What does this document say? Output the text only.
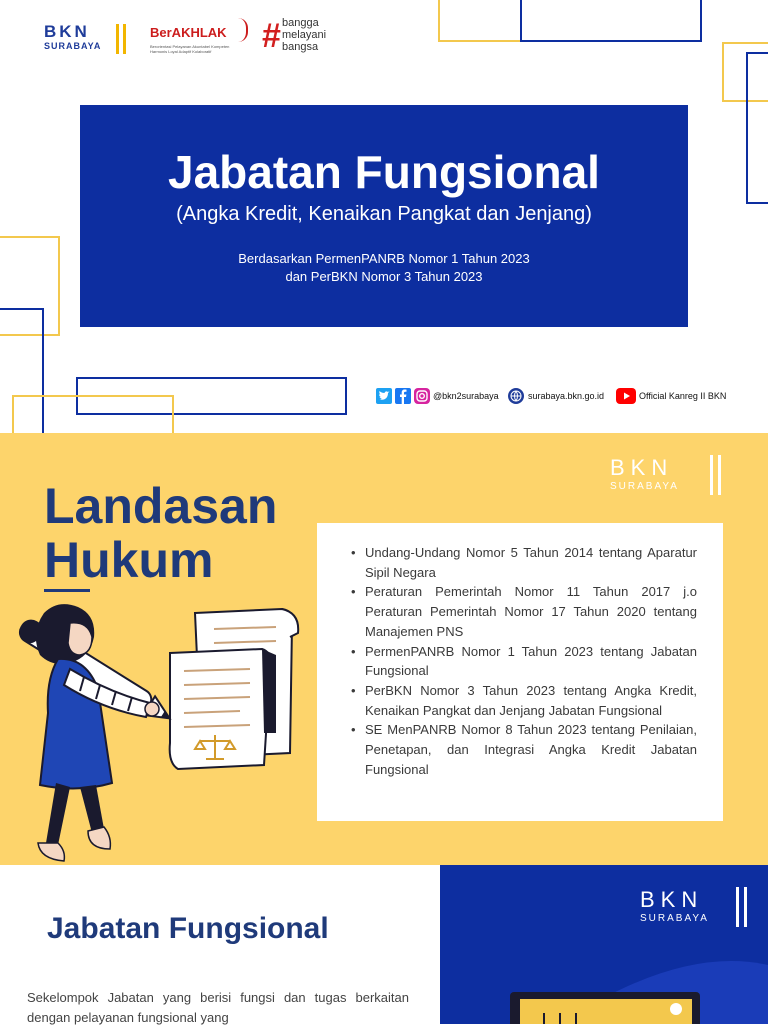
BKN
SURABAYA
BerAKHLAK
Berorientasi Pelayanan Akuntabel Kompeten Harmonis Loyal Adaptif Kolaboratif	# bangga
melayani
bangsa
Jabatan Fungsional
(Angka Kredit, Kenaikan Pangkat dan Jenjang)
Berdasarkan PermenPANRB Nomor 1 Tahun 2023
dan PerBKN Nomor 3 Tahun 2023
@bkn2surabaya	surabaya.bkn.go.id	Official Kanreg II BKN
BKN
SURABAYA
Landasan
Hukum
•	Undang-Undang Nomor 5 Tahun 2014 tentang Aparatur Sipil Negara
• Peraturan Pemerintah Nomor 11 Tahun 2017 j.o Peraturan Pemerintah Nomor 17 Tahun 2020 tentang Manajemen PNS
• PermenPANRB Nomor 1 Tahun 2023 tentang Jabatan Fungsional
• PerBKN Nomor 3 Tahun 2023 tentang Angka Kredit, Kenaikan Pangkat dan Jenjang Jabatan Fungsional
• SE MenPANRB Nomor 8 Tahun 2023 tentang Penilaian, Penetapan, dan Integrasi Angka Kredit Jabatan Fungsional
Jabatan Fungsional
Sekelompok Jabatan yang berisi fungsi dan tugas berkaitan dengan pelayanan fungsional yang
BKN
SURABAYA
